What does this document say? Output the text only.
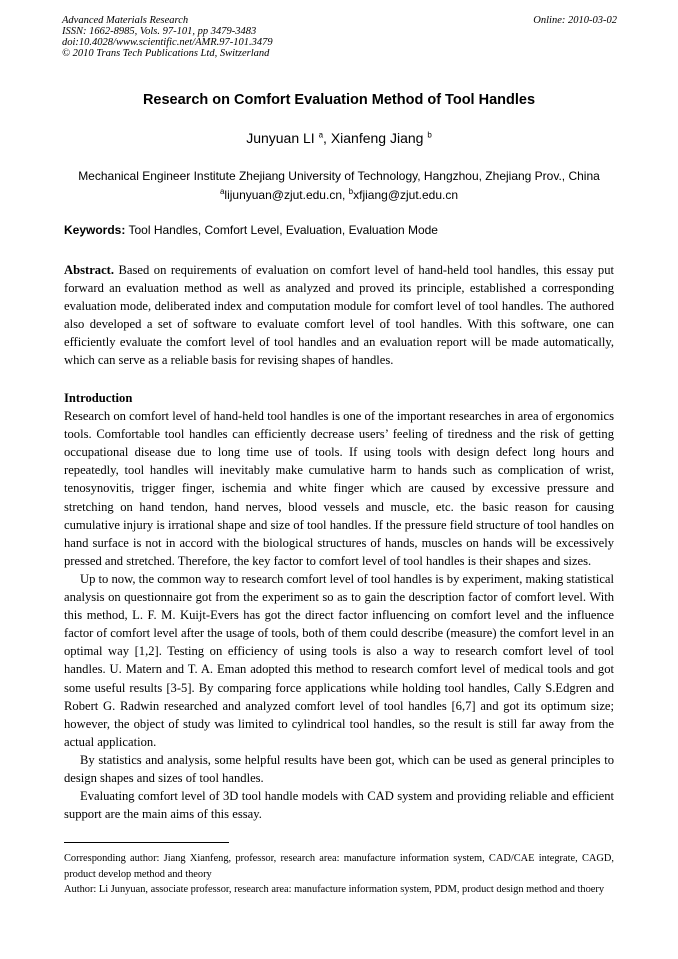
Advanced Materials Research
ISSN: 1662-8985, Vols. 97-101, pp 3479-3483
doi:10.4028/www.scientific.net/AMR.97-101.3479
© 2010 Trans Tech Publications Ltd, Switzerland
Online: 2010-03-02
Research on Comfort Evaluation Method of Tool Handles
Junyuan LI $^a$, Xianfeng Jiang $^b$
Mechanical Engineer Institute Zhejiang University of Technology, Hangzhou, Zhejiang Prov., China
$^a$lijunyuan@zjut.edu.cn, $^b$xfjiang@zjut.edu.cn
Keywords: Tool Handles, Comfort Level, Evaluation, Evaluation Mode
Abstract. Based on requirements of evaluation on comfort level of hand-held tool handles, this essay put forward an evaluation method as well as analyzed and proved its principle, established a corresponding evaluation mode, deliberated index and computation module for comfort level of tool handles. The authored also developed a set of software to evaluate comfort level of tool handles. With this software, one can efficiently evaluate the comfort level of tool handles and an evaluation report will be made automatically, which can serve as a reliable basis for revising shapes of handles.
Introduction

Research on comfort level of hand-held tool handles is one of the important researches in area of ergonomics tools. Comfortable tool handles can efficiently decrease users’ feeling of tiredness and the risk of getting occupational disease due to long time use of tools. If using tools with design defect long hours and repeatedly, tool handles will inevitably make cumulative harm to hands such as complication of wrist, tenosynovitis, trigger finger, ischemia and white finger which are caused by excessive pressure and stretching on hand tendon, hand nerves, blood vessels and muscle, etc. the basic reason for causing cumulative injury is irrational shape and size of tool handles. If the pressure field structure of tool handles on hand surface is not in accord with the biological structures of hands, muscles on hands will be excessively pressed and stretched. Therefore, the key factor to comfort level of tool handles is their shapes and sizes.

Up to now, the common way to research comfort level of tool handles is by experiment, making statistical analysis on questionnaire got from the experiment so as to gain the description factor of comfort level. With this method, L. F. M. Kuijt-Evers has got the direct factor influencing on comfort level and the influence factor of comfort level after the usage of tools, both of them could describe (measure) the comfort level in an optimal way [1,2]. Testing on efficiency of using tools is also a way to research comfort level of tool handles. U. Matern and T. A. Eman adopted this method to research comfort level of medical tools and got some useful results [3-5]. By comparing force applications while holding tool handles, Cally S.Edgren and Robert G. Radwin researched and analyzed comfort level of tool handles [6,7] and got its optimum size; however, the object of study was limited to cylindrical tool handles, so the result is still far away from the actual application.

By statistics and analysis, some helpful results have been got, which can be used as general principles to design shapes and sizes of tool handles.

Evaluating comfort level of 3D tool handle models with CAD system and providing reliable and efficient support are the main aims of this essay.

Corresponding author: Jiang Xianfeng, professor, research area: manufacture information system, CAD/CAE integrate, CAGD, product develop method and theory

Author: Li Junyuan, associate professor, research area: manufacture information system, PDM, product design method and thoery
